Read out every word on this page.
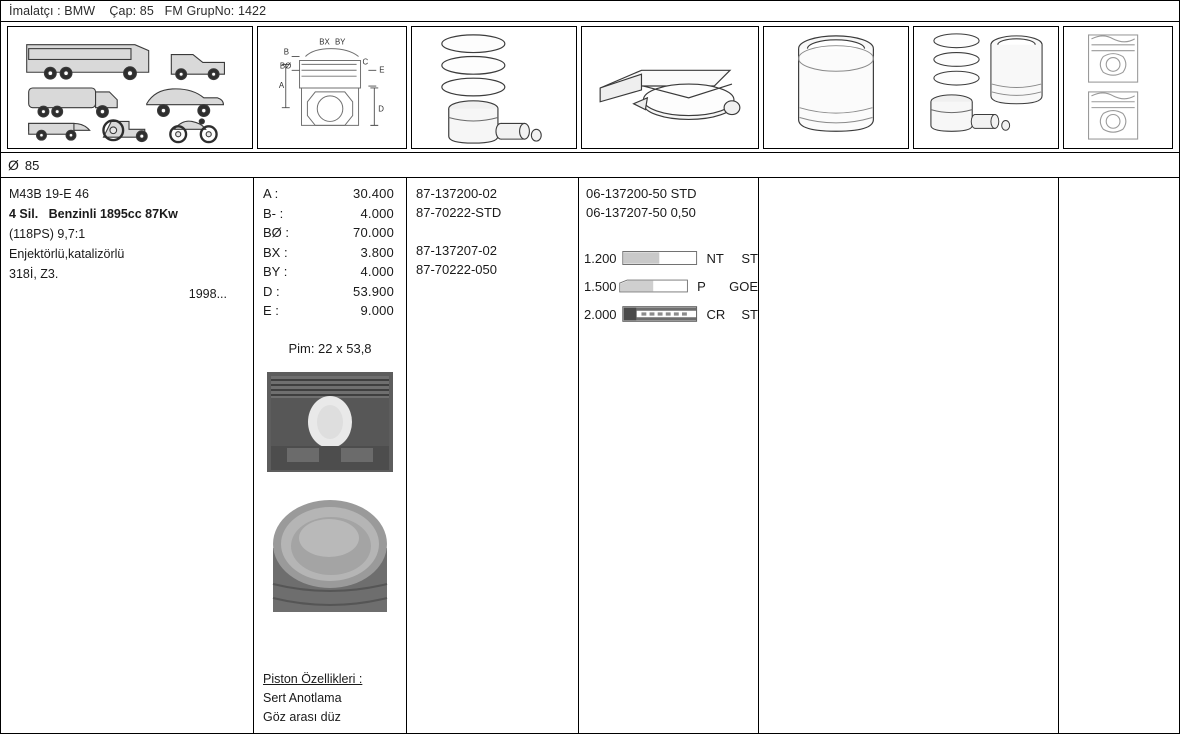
İmalatçı : BMW    Çap: 85   FM GrupNo: 1422
A
B
BØ
BX BY
C
E
D
Ø 85
M43B 19-E 46
4 Sil.   Benzinli 1895cc 87Kw
(118PS) 9,7:1
Enjektörlü,katalizörlü
318İ, Z3.
1998...
A :	30.400
B- :	4.000
BØ :	70.000
BX :	3.800
BY :	4.000
D :	53.900
E :	9.000
Pim: 22 x 53,8
Piston Özellikleri :
Sert Anotlama
Göz arası düz
87-137200-02
87-70222-STD
87-137207-02
87-70222-050
06-137200-50 STD
06-137207-50 0,50
1.200	NT	ST
1.500	P	GOE
2.000	CR	ST
